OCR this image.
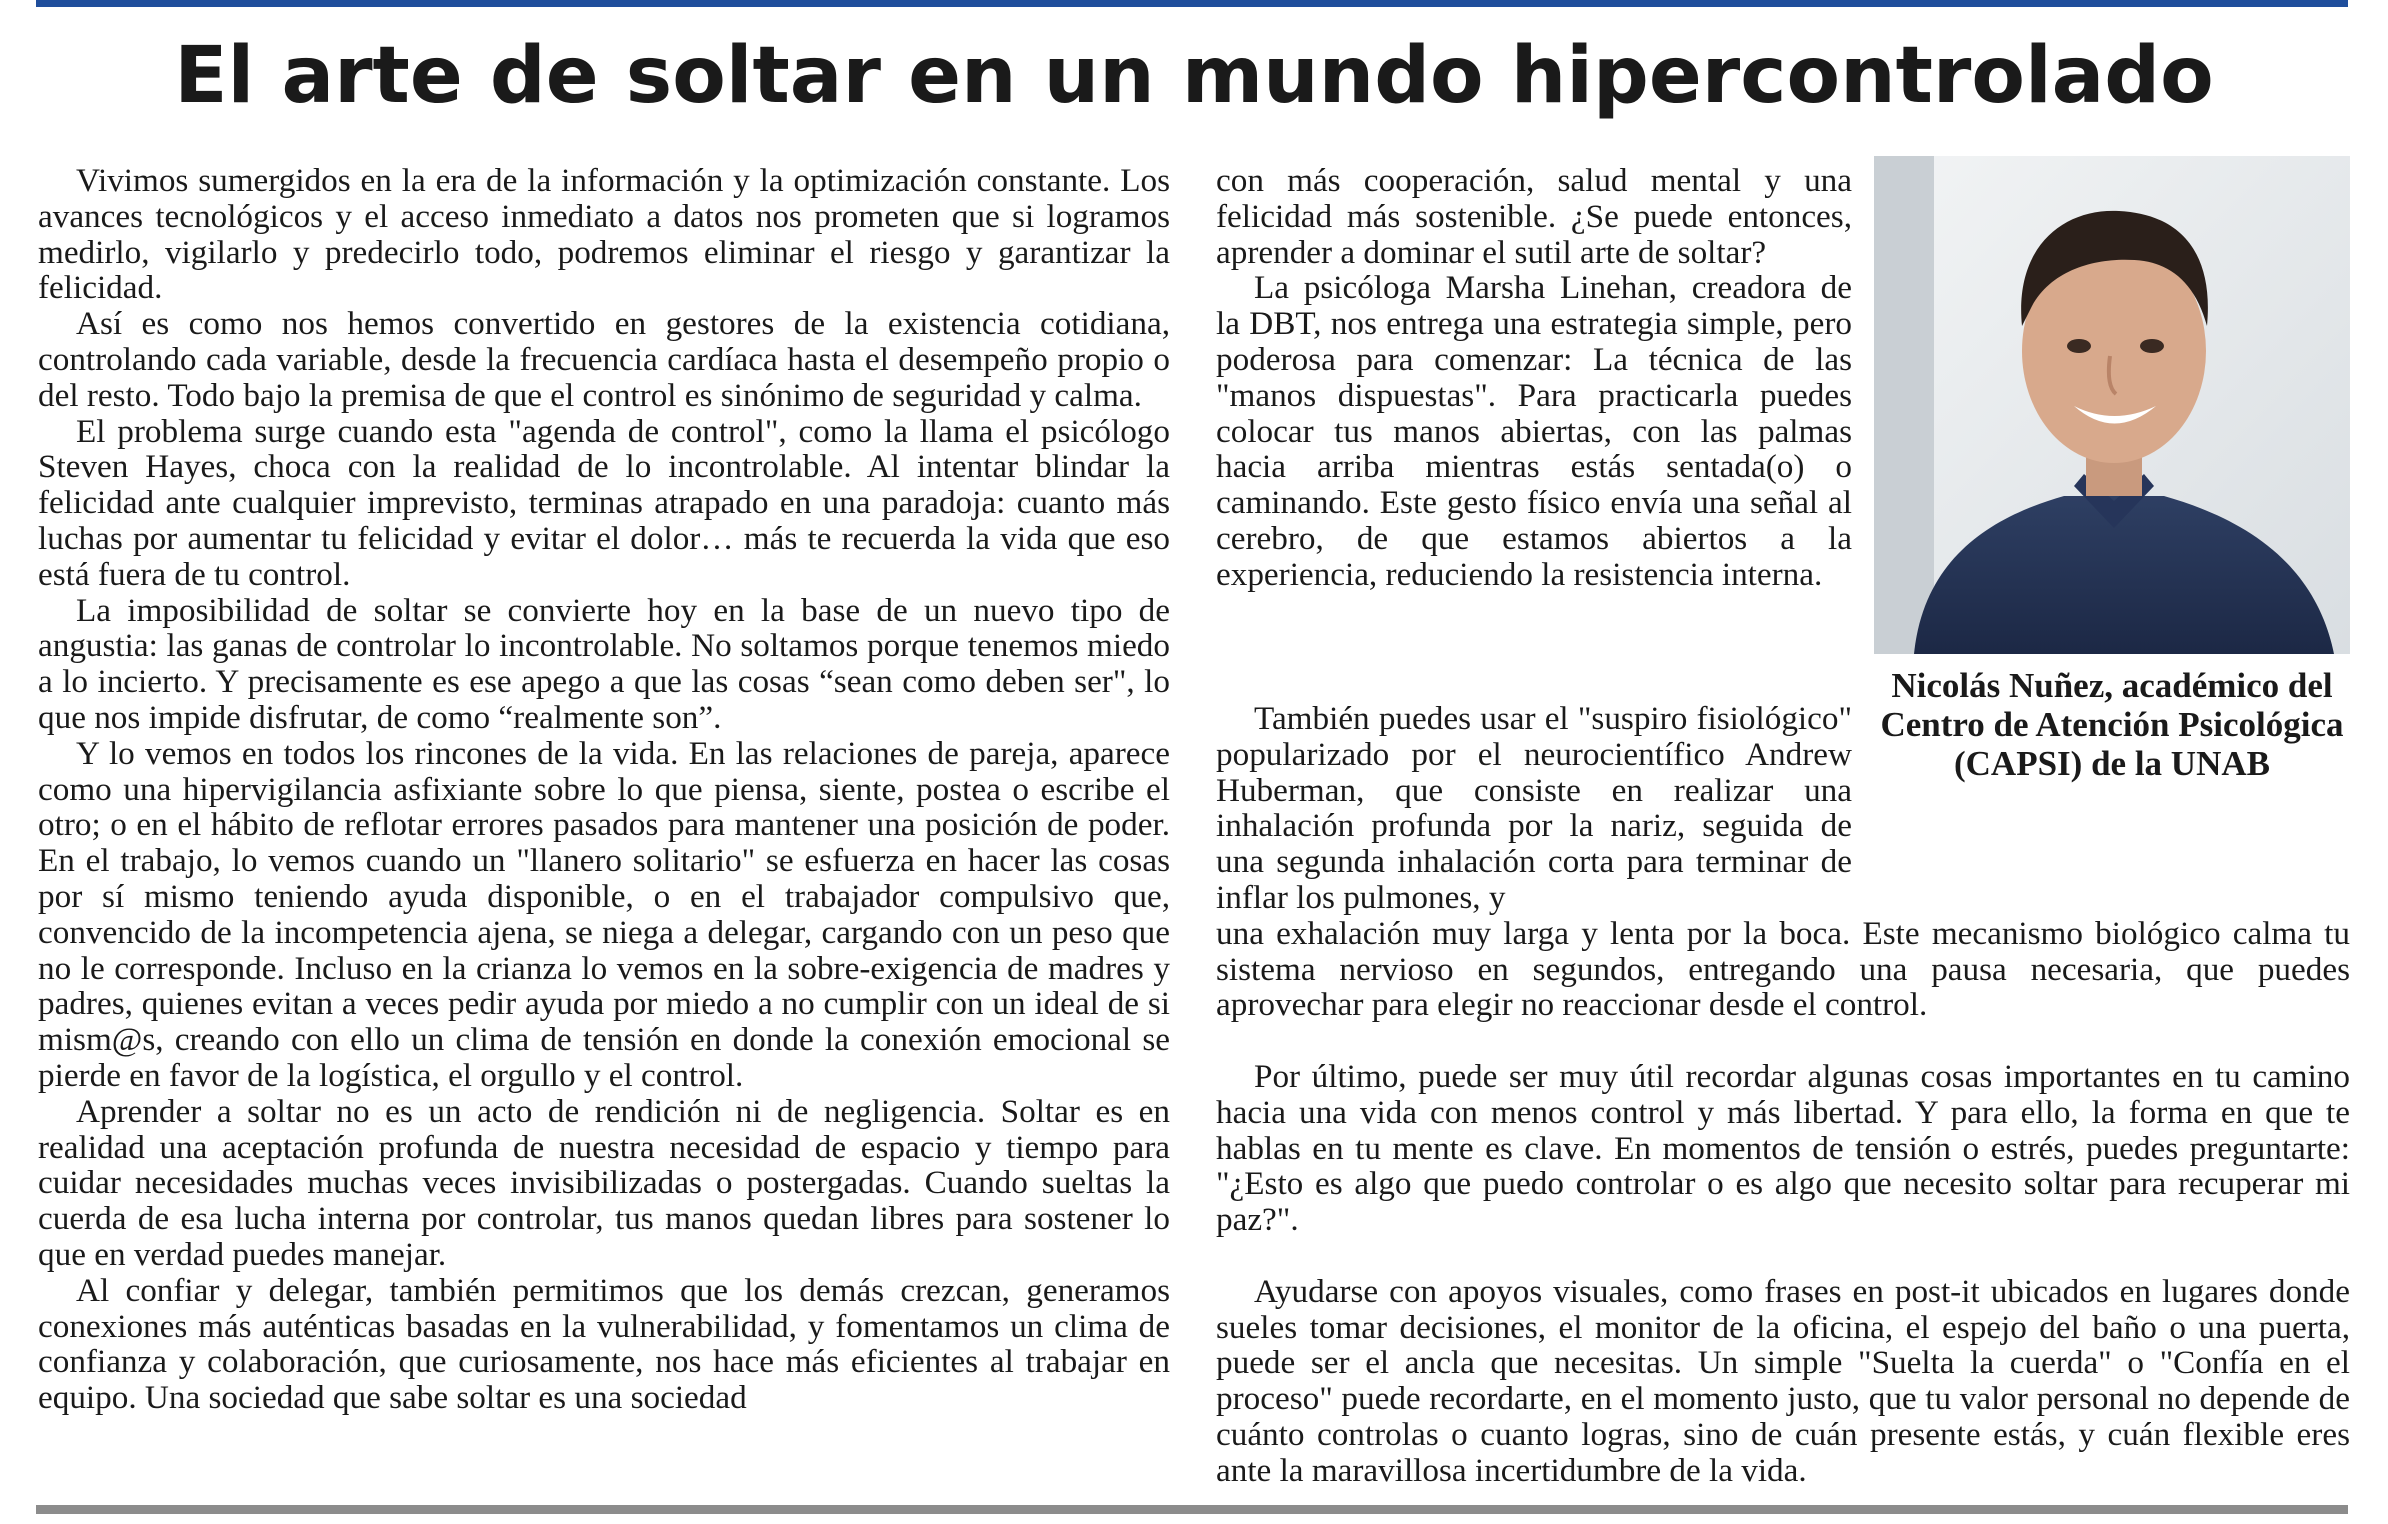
El arte de soltar en un mundo hipercontrolado

Vivimos sumergidos en la era de la información y la optimización constante. Los avances tecnológicos y el acceso inmediato a datos nos prometen que si logramos medirlo, vigilarlo y predecirlo todo, podremos eliminar el riesgo y garantizar la felicidad.

Así es como nos hemos convertido en gestores de la existencia cotidiana, controlando cada variable, desde la frecuencia cardíaca hasta el desempeño propio o del resto. Todo bajo la premisa de que el control es sinónimo de seguridad y calma.

El problema surge cuando esta "agenda de control", como la llama el psicólogo Steven Hayes, choca con la realidad de lo incontrolable. Al intentar blindar la felicidad ante cualquier imprevisto, terminas atrapado en una paradoja: cuanto más luchas por aumentar tu felicidad y evitar el dolor… más te recuerda la vida que eso está fuera de tu control.

La imposibilidad de soltar se convierte hoy en la base de un nuevo tipo de angustia: las ganas de controlar lo incontrolable. No soltamos porque tenemos miedo a lo incierto. Y precisamente es ese apego a que las cosas “sean como deben ser", lo que nos impide disfrutar, de como “realmente son”.

Y lo vemos en todos los rincones de la vida. En las relaciones de pareja, aparece como una hipervigilancia asfixiante sobre lo que piensa, siente, postea o escribe el otro; o en el hábito de reflotar errores pasados para mantener una posición de poder. En el trabajo, lo vemos cuando un "llanero solitario" se esfuerza en hacer las cosas por sí mismo teniendo ayuda disponible, o en el trabajador compulsivo que, convencido de la incompetencia ajena, se niega a delegar, cargando con un peso que no le corresponde. Incluso en la crianza lo vemos en la sobre-exigencia de madres y padres, quienes evitan a veces pedir ayuda por miedo a no cumplir con un ideal de si mism@s, creando con ello un clima de tensión en donde la conexión emocional se pierde en favor de la logística, el orgullo y el control.

Aprender a soltar no es un acto de rendición ni de negligencia. Soltar es en realidad una aceptación profunda de nuestra necesidad de espacio y tiempo para cuidar necesidades muchas veces invisibilizadas o postergadas. Cuando sueltas la cuerda de esa lucha interna por controlar, tus manos quedan libres para sostener lo que en verdad puedes manejar.

Al confiar y delegar, también permitimos que los demás crezcan, generamos conexiones más auténticas basadas en la vulnerabilidad, y fomentamos un clima de confianza y colaboración, que curiosamente, nos hace más eficientes al trabajar en equipo. Una sociedad que sabe soltar es una sociedad

con más cooperación, salud mental y una felicidad más sostenible. ¿Se puede entonces, aprender a dominar el sutil arte de soltar?

La psicóloga Marsha Linehan, creadora de la DBT, nos entrega una estrategia simple, pero poderosa para comenzar: La técnica de las "manos dispuestas". Para practicarla puedes colocar tus manos abiertas, con las palmas hacia arriba mientras estás sentada(o) o caminando. Este gesto físico envía una señal al cerebro, de que estamos abiertos a la experiencia, reduciendo la resistencia interna.

Nicolás Nuñez, académico del Centro de Atención Psicológica (CAPSI) de la UNAB

También puedes usar el "suspiro fisiológico" popularizado por el neurocientífico Andrew Huberman, que consiste en realizar una inhalación profunda por la nariz, seguida de una segunda inhalación corta para terminar de inflar los pulmones, y

una exhalación muy larga y lenta por la boca. Este mecanismo biológico calma tu sistema nervioso en segundos, entregando una pausa necesaria, que puedes aprovechar para elegir no reaccionar desde el control.

Por último, puede ser muy útil recordar algunas cosas importantes en tu camino hacia una vida con menos control y más libertad. Y para ello, la forma en que te hablas en tu mente es clave. En momentos de tensión o estrés, puedes preguntarte: "¿Esto es algo que puedo controlar o es algo que necesito soltar para recuperar mi paz?".

Ayudarse con apoyos visuales, como frases en post-it ubicados en lugares donde sueles tomar decisiones, el monitor de la oficina, el espejo del baño o una puerta, puede ser el ancla que necesitas. Un simple "Suelta la cuerda" o "Confía en el proceso" puede recordarte, en el momento justo, que tu valor personal no depende de cuánto controlas o cuanto logras, sino de cuán presente estás, y cuán flexible eres ante la maravillosa incertidumbre de la vida.
